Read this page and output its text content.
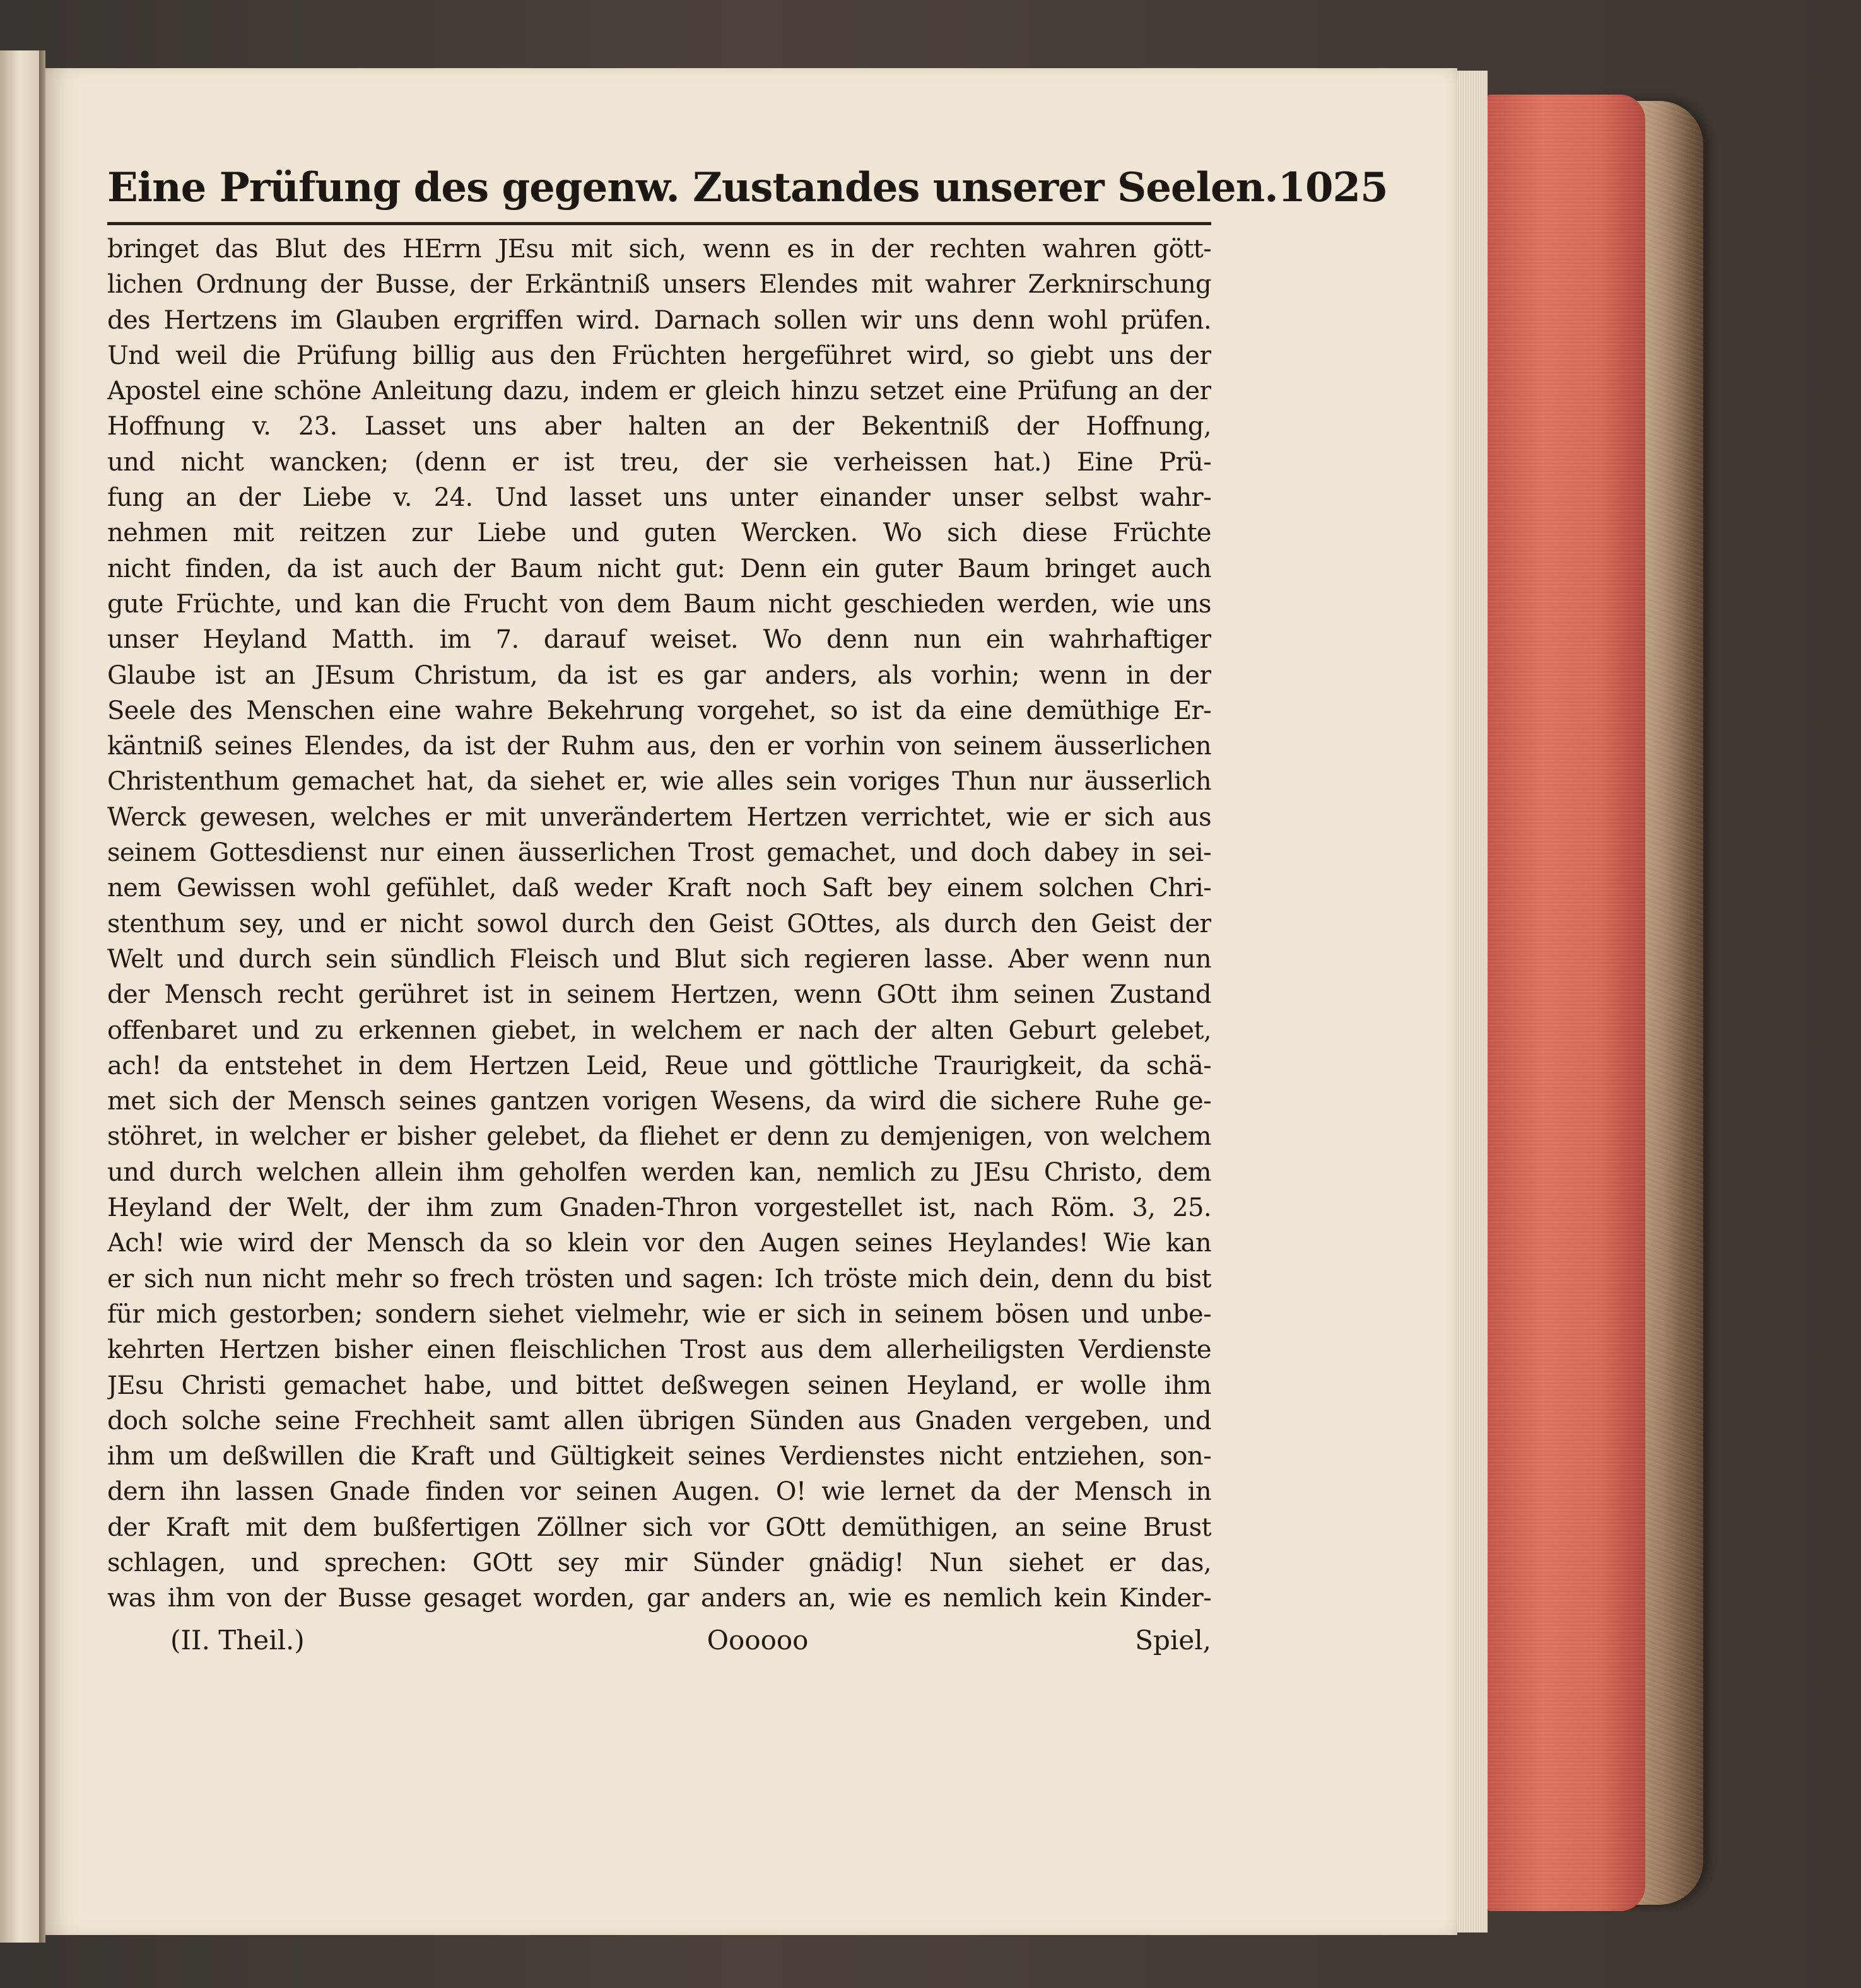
Eine Prüfung des gegenw. Zustandes unserer Seelen. 1025
bringet das Blut des HErrn JEsu mit sich, wenn es in der rechten wahren gött-
lichen Ordnung der Busse, der Erkäntniß unsers Elendes mit wahrer Zerknirschung
des Hertzens im Glauben ergriffen wird. Darnach sollen wir uns denn wohl prüfen.
Und weil die Prüfung billig aus den Früchten hergeführet wird, so giebt uns der
Apostel eine schöne Anleitung dazu, indem er gleich hinzu setzet eine Prüfung an der
Hoffnung v. 23. Lasset uns aber halten an der Bekentniß der Hoffnung,
und nicht wancken; (denn er ist treu, der sie verheissen hat.) Eine Prü-
fung an der Liebe v. 24. Und lasset uns unter einander unser selbst wahr-
nehmen mit reitzen zur Liebe und guten Wercken. Wo sich diese Früchte
nicht finden, da ist auch der Baum nicht gut: Denn ein guter Baum bringet auch
gute Früchte, und kan die Frucht von dem Baum nicht geschieden werden, wie uns
unser Heyland Matth. im 7. darauf weiset. Wo denn nun ein wahrhaftiger
Glaube ist an JEsum Christum, da ist es gar anders, als vorhin; wenn in der
Seele des Menschen eine wahre Bekehrung vorgehet, so ist da eine demüthige Er-
käntniß seines Elendes, da ist der Ruhm aus, den er vorhin von seinem äusserlichen
Christenthum gemachet hat, da siehet er, wie alles sein voriges Thun nur äusserlich
Werck gewesen, welches er mit unverändertem Hertzen verrichtet, wie er sich aus
seinem Gottesdienst nur einen äusserlichen Trost gemachet, und doch dabey in sei-
nem Gewissen wohl gefühlet, daß weder Kraft noch Saft bey einem solchen Chri-
stenthum sey, und er nicht sowol durch den Geist GOttes, als durch den Geist der
Welt und durch sein sündlich Fleisch und Blut sich regieren lasse. Aber wenn nun
der Mensch recht gerühret ist in seinem Hertzen, wenn GOtt ihm seinen Zustand
offenbaret und zu erkennen giebet, in welchem er nach der alten Geburt gelebet,
ach! da entstehet in dem Hertzen Leid, Reue und göttliche Traurigkeit, da schä-
met sich der Mensch seines gantzen vorigen Wesens, da wird die sichere Ruhe ge-
stöhret, in welcher er bisher gelebet, da fliehet er denn zu demjenigen, von welchem
und durch welchen allein ihm geholfen werden kan, nemlich zu JEsu Christo, dem
Heyland der Welt, der ihm zum Gnaden-Thron vorgestellet ist, nach Röm. 3, 25.
Ach! wie wird der Mensch da so klein vor den Augen seines Heylandes! Wie kan
er sich nun nicht mehr so frech trösten und sagen: Ich tröste mich dein, denn du bist
für mich gestorben; sondern siehet vielmehr, wie er sich in seinem bösen und unbe-
kehrten Hertzen bisher einen fleischlichen Trost aus dem allerheiligsten Verdienste
JEsu Christi gemachet habe, und bittet deßwegen seinen Heyland, er wolle ihm
doch solche seine Frechheit samt allen übrigen Sünden aus Gnaden vergeben, und
ihm um deßwillen die Kraft und Gültigkeit seines Verdienstes nicht entziehen, son-
dern ihn lassen Gnade finden vor seinen Augen. O! wie lernet da der Mensch in
der Kraft mit dem bußfertigen Zöllner sich vor GOtt demüthigen, an seine Brust
schlagen, und sprechen: GOtt sey mir Sünder gnädig! Nun siehet er das,
was ihm von der Busse gesaget worden, gar anders an, wie es nemlich kein Kinder-
(II. Theil.)	Oooooo	Spiel,
